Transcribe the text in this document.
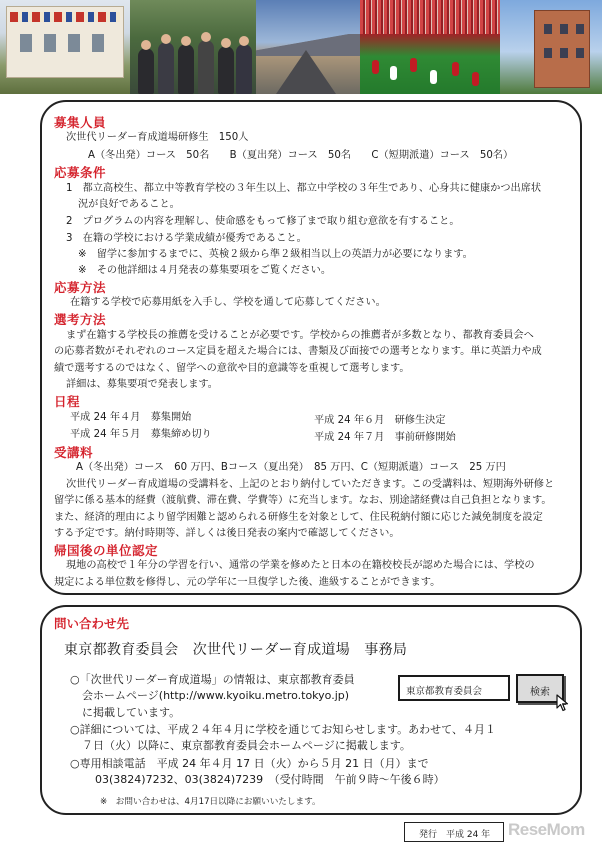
募集人員
次世代リーダー育成道場研修生　150人
A（冬出発）コース　50名　　B（夏出発）コース　50名　　C（短期派遣）コース　50名）
応募条件
1　都立高校生、都立中等教育学校の３年生以上、都立中学校の３年生であり、心身共に健康かつ出席状
況が良好であること。
2　プログラムの内容を理解し、使命感をもって修了まで取り組む意欲を有すること。
3　在籍の学校における学業成績が優秀であること。
※　留学に参加するまでに、英検２級から準２級相当以上の英語力が必要になります。
※　その他詳細は４月発表の募集要項をご覧ください。
応募方法
在籍する学校で応募用紙を入手し、学校を通して応募してください。
選考方法
まず在籍する学校長の推薦を受けることが必要です。学校からの推薦者が多数となり、都教育委員会へ
の応募者数がそれぞれのコース定員を超えた場合には、書類及び面接での選考となります。単に英語力や成
績で選考するのではなく、留学への意欲や目的意識等を重視して選考します。
詳細は、募集要項で発表します。
日程
平成 24 年４月　募集開始	平成 24 年６月　研修生決定
平成 24 年５月　募集締め切り	平成 24 年７月　事前研修開始
受講料
A（冬出発）コース　60 万円、Bコース（夏出発）　85 万円、C（短期派遣）コース　25 万円
次世代リーダー育成道場の受講料を、上記のとおり納付していただきます。この受講料は、短期海外研修と
留学に係る基本的経費（渡航費、滞在費、学費等）に充当します。なお、別途諸経費は自己負担となります。
また、経済的理由により留学困難と認められる研修生を対象として、住民税納付額に応じた減免制度を設定
する予定です。納付時期等、詳しくは後日発表の案内で確認してください。
帰国後の単位認定
現地の高校で１年分の学習を行い、通常の学業を修めたと日本の在籍校校長が認めた場合には、学校の
規定による単位数を修得し、元の学年に一旦復学した後、進級することができます。
問い合わせ先
東京都教育委員会　次世代リーダー育成道場　事務局
○「次世代リーダー育成道場」の情報は、東京都教育委員
会ホームページ(http://www.kyoiku.metro.tokyo.jp)
に掲載しています。
○詳細については、平成２４年４月に学校を通じてお知らせします。あわせて、４月１
７日（火）以降に、東京都教育委員会ホームページに掲載します。
○専用相談電話　平成 24 年４月 17 日（火）から５月 21 日（月）まで
03(3824)7232、03(3824)7239　（受付時間　午前９時～午後６時）
※　お問い合わせは、4月17日以降にお願いいたします。
東京都教育委員会	検索
発行　平成 24 年	ReseMom
